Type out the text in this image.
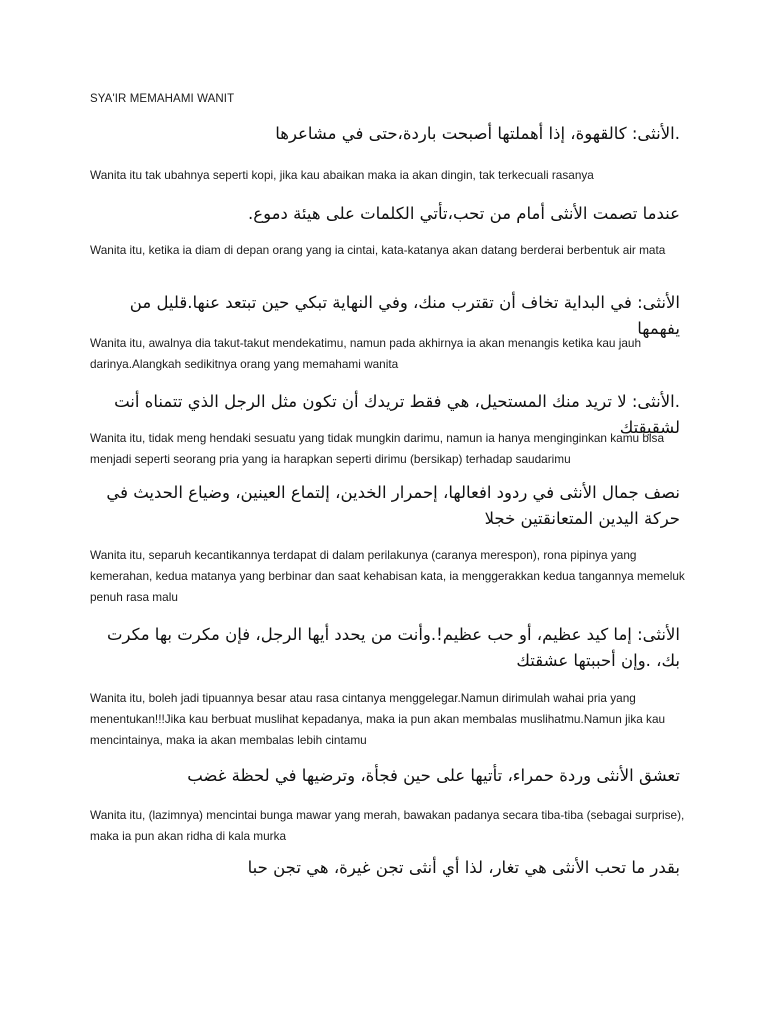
SYA'IR MEMAHAMI WANIT
.الأنثى: كالقهوة، إذا أهملتها أصبحت باردة،حتى في مشاعرها
Wanita itu tak ubahnya seperti kopi, jika kau abaikan maka ia akan dingin, tak terkecuali rasanya
عندما تصمت الأنثى أمام من تحب،تأتي الكلمات على هيئة دموع.
Wanita itu, ketika ia diam di depan orang yang ia cintai, kata-katanya akan datang berderai berbentuk air mata
الأنثى: في البداية تخاف أن تقترب منك، وفي النهاية تبكي حين تبتعد عنها.قليل من يفهمها
Wanita itu, awalnya dia takut-takut mendekatimu, namun pada akhirnya ia akan menangis ketika kau jauh darinya.Alangkah sedikitnya orang yang memahami wanita
.الأنثى: لا تريد منك المستحيل، هي فقط تريدك أن تكون مثل الرجل الذي تتمناه أنت لشقيقتك
Wanita itu, tidak meng hendaki sesuatu yang tidak mungkin darimu, namun ia hanya menginginkan kamu bisa menjadi seperti seorang pria yang ia harapkan seperti dirimu (bersikap) terhadap saudarimu
نصف جمال الأنثى في ردود افعالها، إحمرار الخدين، إلتماع العينين، وضياع الحديث في حركة اليدين المتعانقتين خجلا
Wanita itu, separuh kecantikannya terdapat di dalam perilakunya (caranya merespon), rona pipinya yang kemerahan, kedua matanya yang berbinar dan saat kehabisan kata, ia menggerakkan kedua tangannya memeluk penuh rasa malu
الأنثى: إما كيد عظيم، أو حب عظيم!.وأنت من يحدد أيها الرجل، فإن مكرت بها مكرت بك، .وإن أحببتها عشقتك
Wanita itu, boleh jadi tipuannya besar atau rasa cintanya menggelegar.Namun dirimulah wahai pria yang menentukan!!!Jika kau berbuat muslihat kepadanya, maka ia pun akan membalas muslihatmu.Namun jika kau mencintainya, maka ia akan membalas lebih cintamu
تعشق الأنثى وردة حمراء، تأتيها على حين فجأة، وترضيها في لحظة غضب
Wanita itu, (lazimnya) mencintai bunga mawar yang merah, bawakan padanya secara tiba-tiba (sebagai surprise), maka ia pun akan ridha di kala murka
بقدر ما تحب الأنثى هي تغار، لذا أي أنثى تجن غيرة، هي تجن حبا
